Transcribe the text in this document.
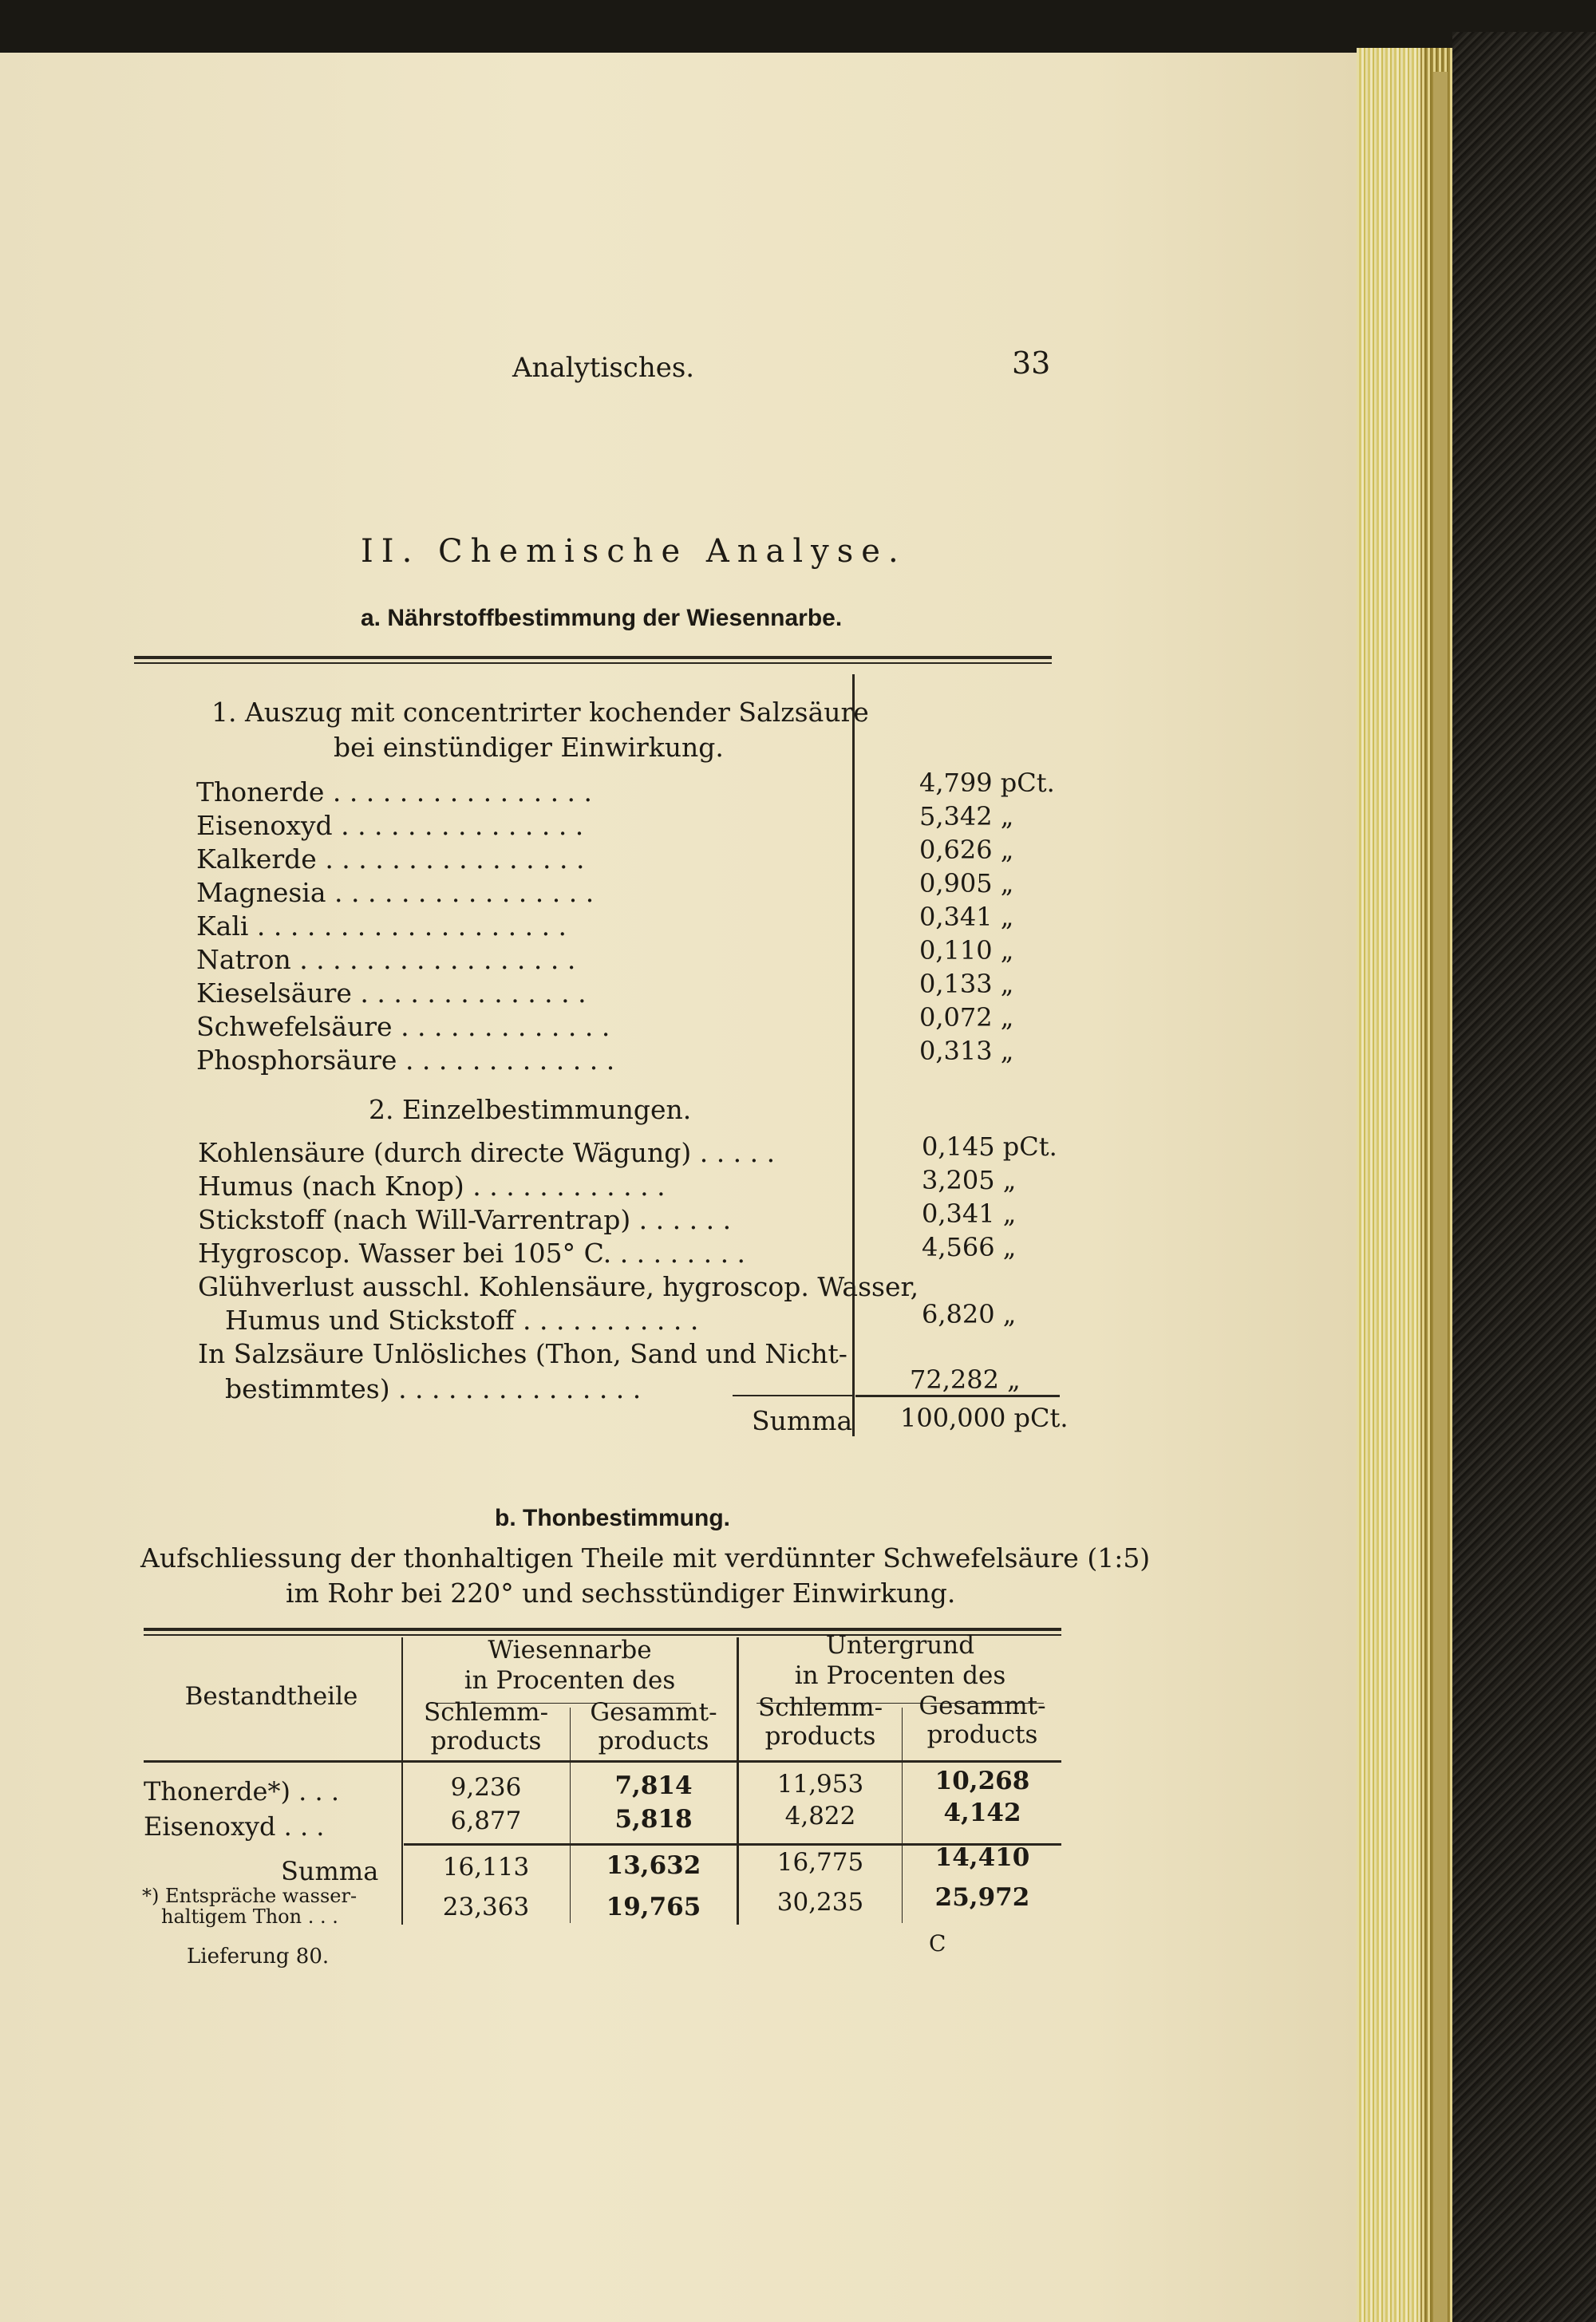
Analytisches.	33
II. Chemische Analyse.
a. Nährstoffbestimmung der Wiesennarbe.
1. Auszug mit concentrirter kochender Salzsäure
bei einstündiger Einwirkung.
Thonerde . . . . . . . . . . . . . . . .	4,799 pCt.
Eisenoxyd . . . . . . . . . . . . . . .	5,342 „
Kalkerde . . . . . . . . . . . . . . . .	0,626 „
Magnesia . . . . . . . . . . . . . . . .	0,905 „
Kali . . . . . . . . . . . . . . . . . . .	0,341 „
Natron . . . . . . . . . . . . . . . . .	0,110 „
Kieselsäure . . . . . . . . . . . . . .	0,133 „
Schwefelsäure . . . . . . . . . . . . .	0,072 „
Phosphorsäure . . . . . . . . . . . . .	0,313 „
2. Einzelbestimmungen.
Kohlensäure (durch directe Wägung) . . . . .	0,145 pCt.
Humus (nach Knop) . . . . . . . . . . . .	3,205 „
Stickstoff (nach Will-Varrentrap) . . . . . .	0,341 „
Hygroscop. Wasser bei 105° C. . . . . . . . .	4,566 „
Glühverlust ausschl. Kohlensäure, hygroscop. Wasser,
Humus und Stickstoff . . . . . . . . . . .	6,820 „
In Salzsäure Unlösliches (Thon, Sand und Nicht-
bestimmtes) . . . . . . . . . . . . . . .	72,282 „
Summa 100,000 pCt.
b. Thonbestimmung.
Aufschliessung der thonhaltigen Theile mit verdünnter Schwefelsäure (1:5)
im Rohr bei 220° und sechsstündiger Einwirkung.
Bestandtheile
Wiesennarbe
in Procenten des
Untergrund
in Procenten des
Schlemm-
products
Gesammt-
products
Schlemm-
products
Gesammt-
products
Thonerde*) . . .	9,236	7,814	11,953	10,268
Eisenoxyd . . .	6,877	5,818	4,822	4,142
Summa	16,113	13,632	16,775	14,410
*) Entspräche wasser-
haltigem Thon . . .	23,363	19,765	30,235	25,972
Lieferung 80.	C
